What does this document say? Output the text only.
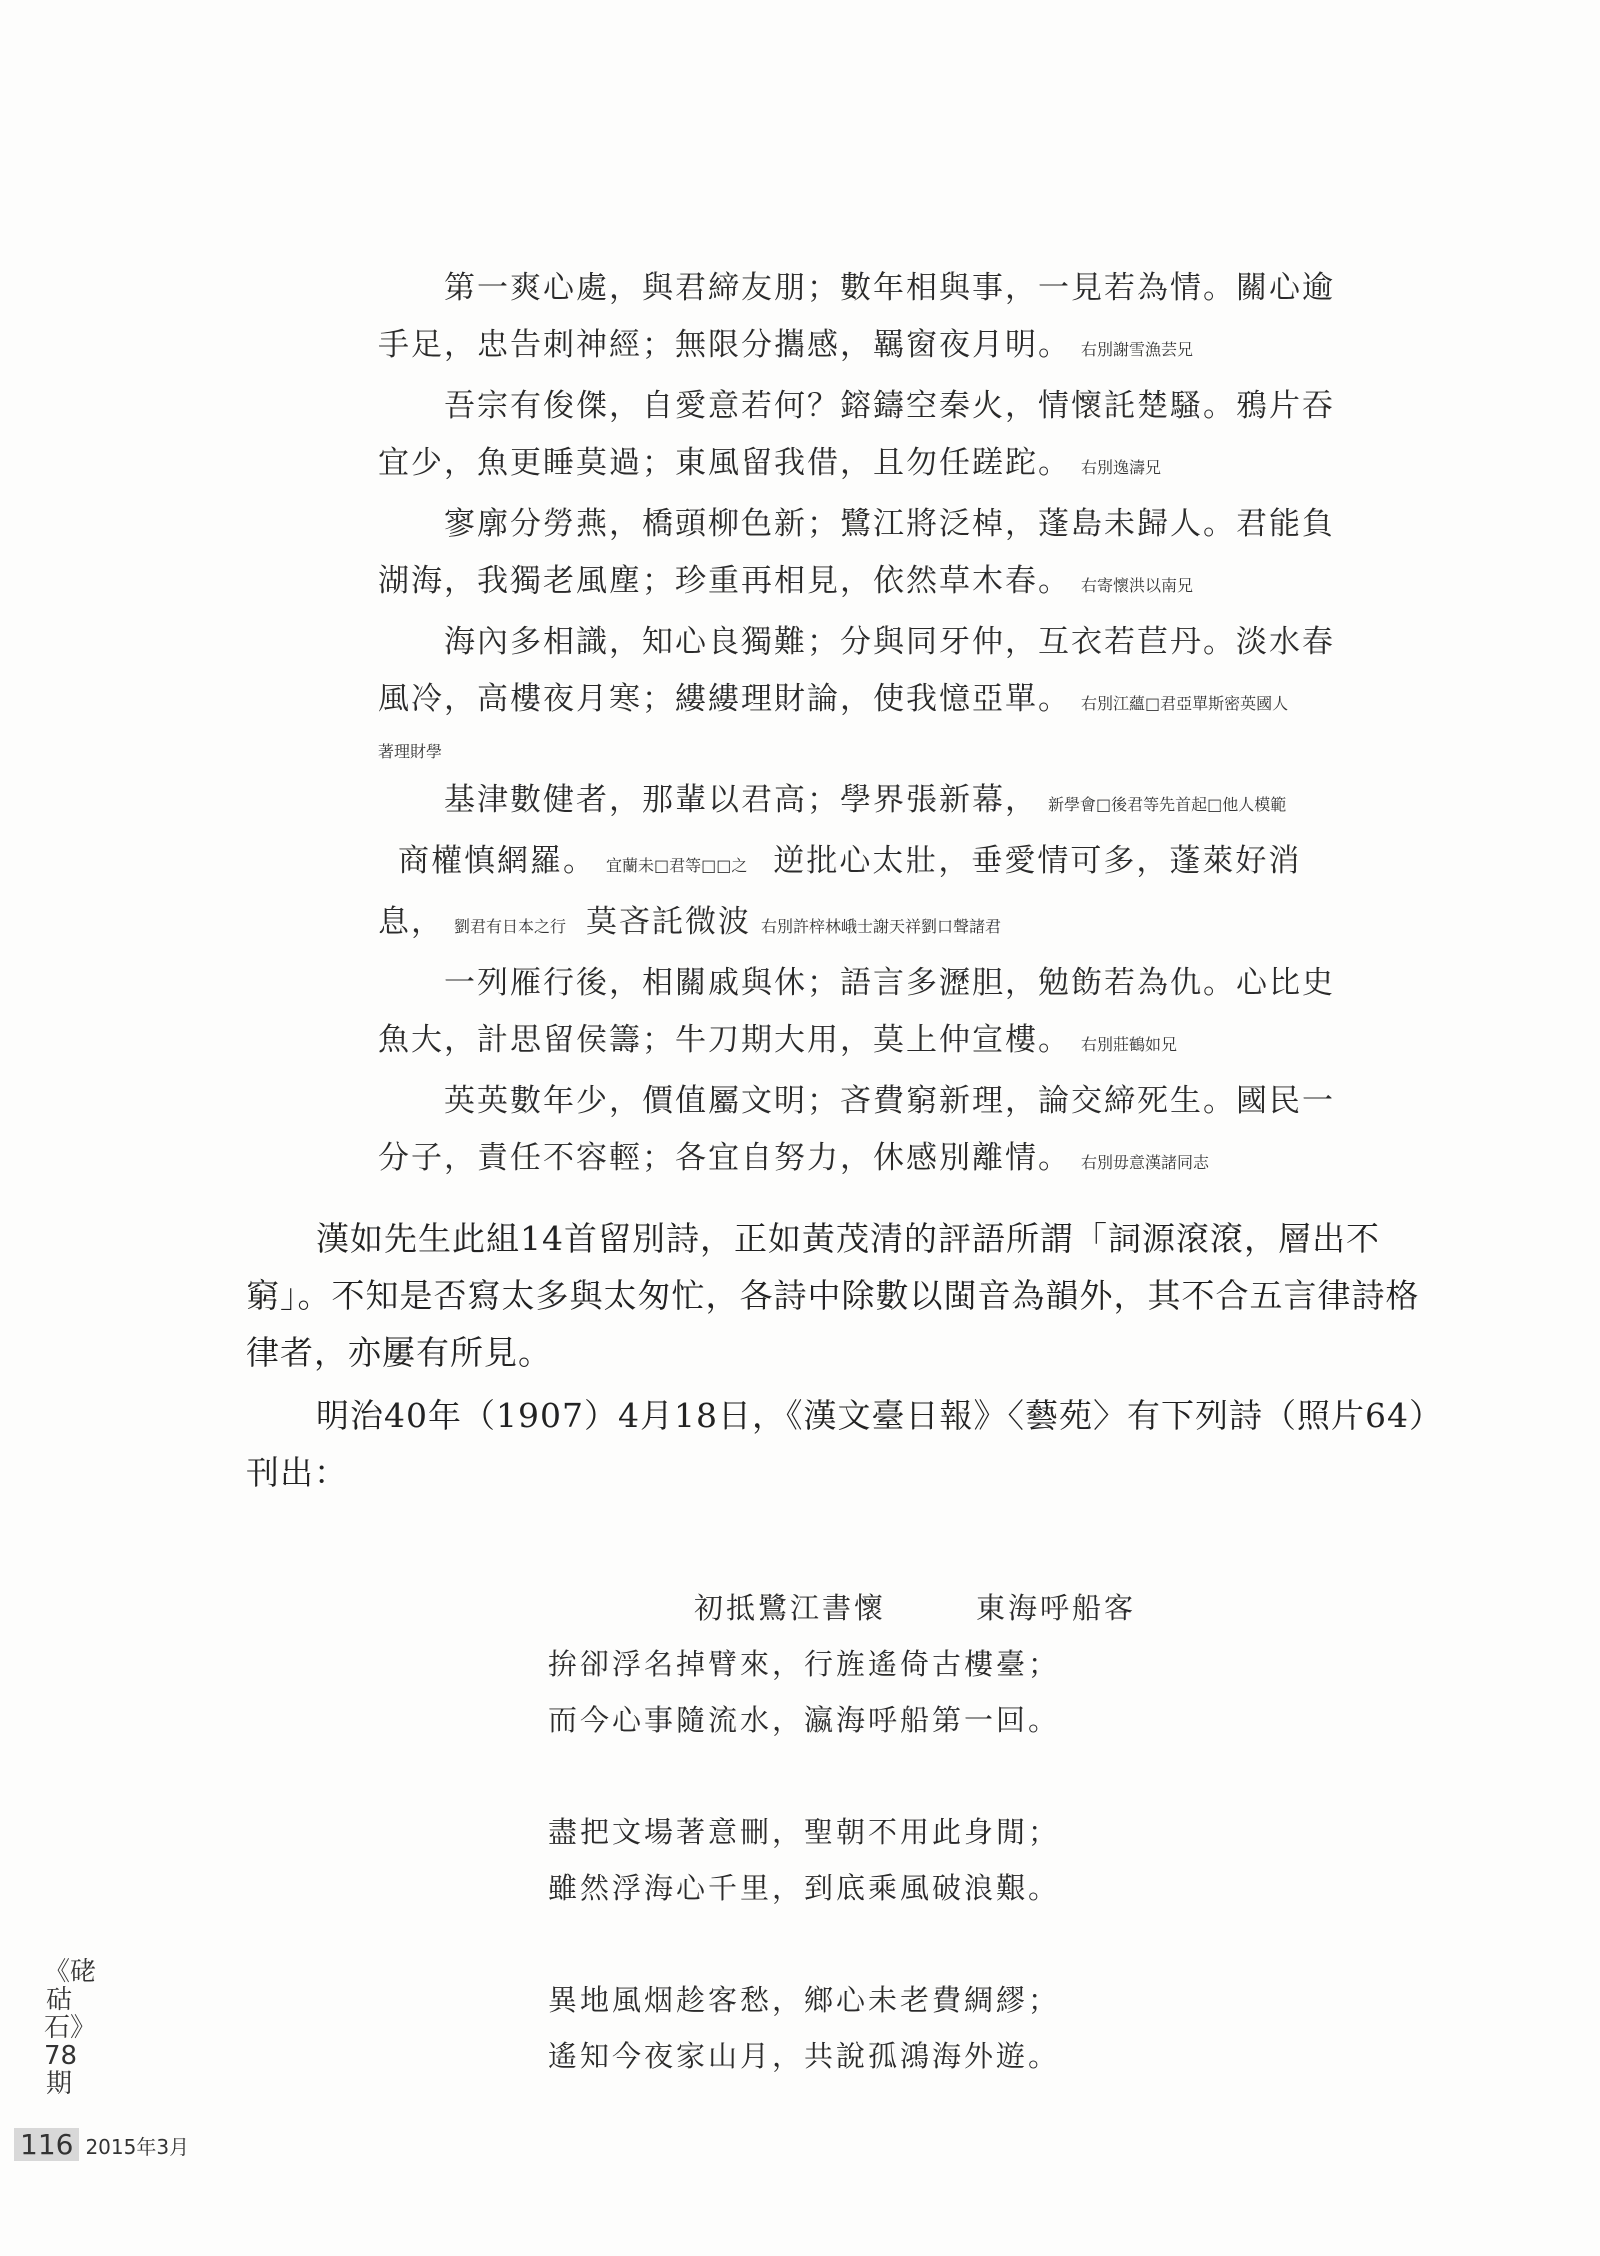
第一爽心處，與君締友朋；數年相與事，一見若為情。關心逾
手足，忠告刺神經；無限分攜感，羈窗夜月明。 右別謝雪漁芸兄
吾宗有俊傑，自愛意若何？鎔鑄空秦火，情懷託楚騷。鴉片吞
宜少，魚更睡莫過；東風留我借，且勿任蹉跎。 右別逸濤兄
寥廓分勞燕，橋頭柳色新；鷺江將泛棹，蓬島未歸人。君能負
湖海，我獨老風塵；珍重再相見，依然草木春。 右寄懷洪以南兄
海內多相識，知心良獨難；分與同牙仲，互衣若苣丹。淡水春
風冷，高樓夜月寒；縷縷理財論，使我憶亞單。 右別江蘊□君亞單斯密英國人
著理財學
基津數健者，那輩以君高；學界張新幕， 新學會□後君等先首起□他人模範
商權慎網羅。 宜蘭未□君等□□之 逆批心太壯，垂愛情可多，蓬萊好消
息， 劉君有日本之行 莫吝託微波 右別許梓林峨士謝天祥劉口聲諸君
一列雁行後，相關戚與休；語言多瀝胆，勉飭若為仇。心比史
魚大，計思留侯籌；牛刀期大用，莫上仲宣樓。 右別莊鶴如兄
英英數年少，價值屬文明；吝費窮新理，論交締死生。國民一
分子，責任不容輕；各宜自努力，休感別離情。 右別毋意漢諸同志

漢如先生此組14首留別詩，正如黃茂清的評語所謂「詞源滾滾，層出不窮」。不知是否寫太多與太匆忙，各詩中除數以閩音為韻外，其不合五言律詩格律者，亦屢有所見。

明治40年（1907）4月18日，《漢文臺日報》〈藝苑〉有下列詩（照片64）刊出：

初抵鷺江書懷	東海呼船客
拚卻浮名掉臂來，行旌遙倚古樓臺；
而今心事隨流水，瀛海呼船第一回。
盡把文場著意刪，聖朝不用此身閒；
雖然浮海心千里，到底乘風破浪艱。
異地風烟趁客愁，鄉心未老費綢繆；
遙知今夜家山月，共說孤鴻海外遊。
《硓𥑮石》78期
116 2015年3月
